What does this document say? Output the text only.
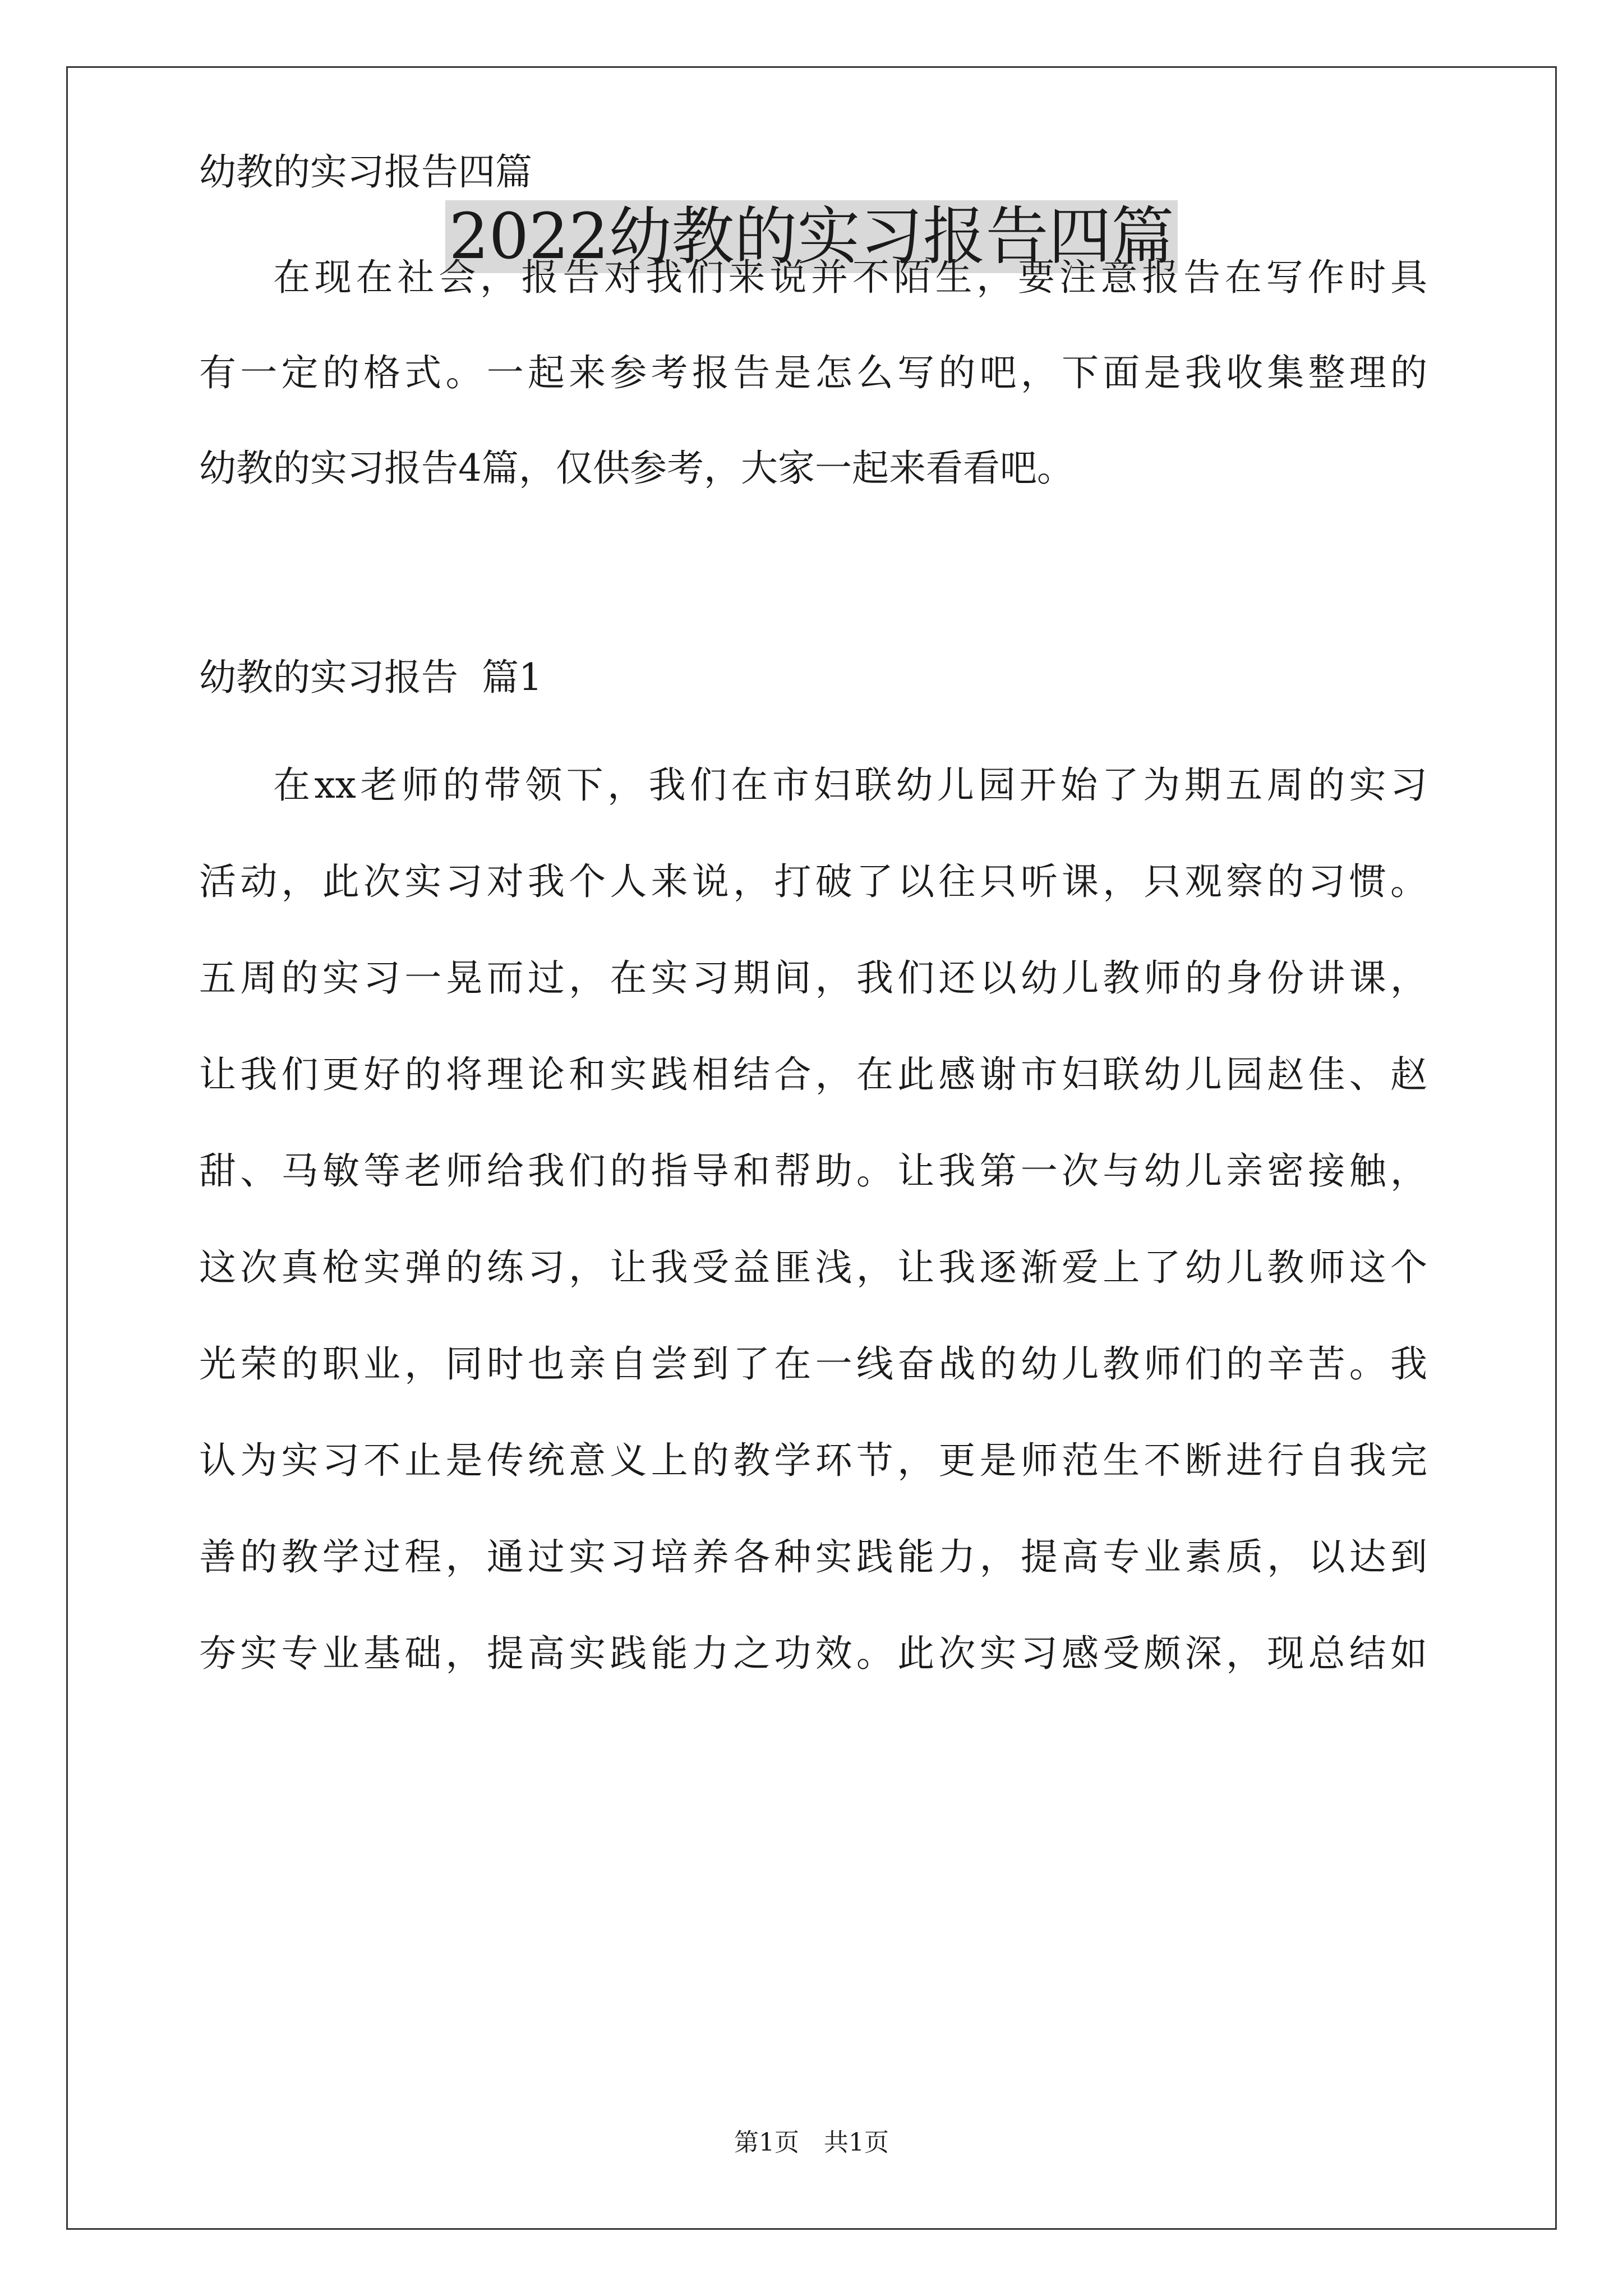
2022幼教的实习报告四篇
幼教的实习报告四篇
在现在社会，报告对我们来说并不陌生，要注意报告在写作时具
有一定的格式。一起来参考报告是怎么写的吧，下面是我收集整理的
幼教的实习报告4篇，仅供参考，大家一起来看看吧。
幼教的实习报告  篇1
在xx老师的带领下，我们在市妇联幼儿园开始了为期五周的实习
活动，此次实习对我个人来说，打破了以往只听课，只观察的习惯。
五周的实习一晃而过，在实习期间，我们还以幼儿教师的身份讲课，
让我们更好的将理论和实践相结合，在此感谢市妇联幼儿园赵佳、赵
甜、马敏等老师给我们的指导和帮助。让我第一次与幼儿亲密接触，
这次真枪实弹的练习，让我受益匪浅，让我逐渐爱上了幼儿教师这个
光荣的职业，同时也亲自尝到了在一线奋战的幼儿教师们的辛苦。我
认为实习不止是传统意义上的教学环节，更是师范生不断进行自我完
善的教学过程，通过实习培养各种实践能力，提高专业素质，以达到
夯实专业基础，提高实践能力之功效。此次实习感受颇深，现总结如
第1页 共1页
